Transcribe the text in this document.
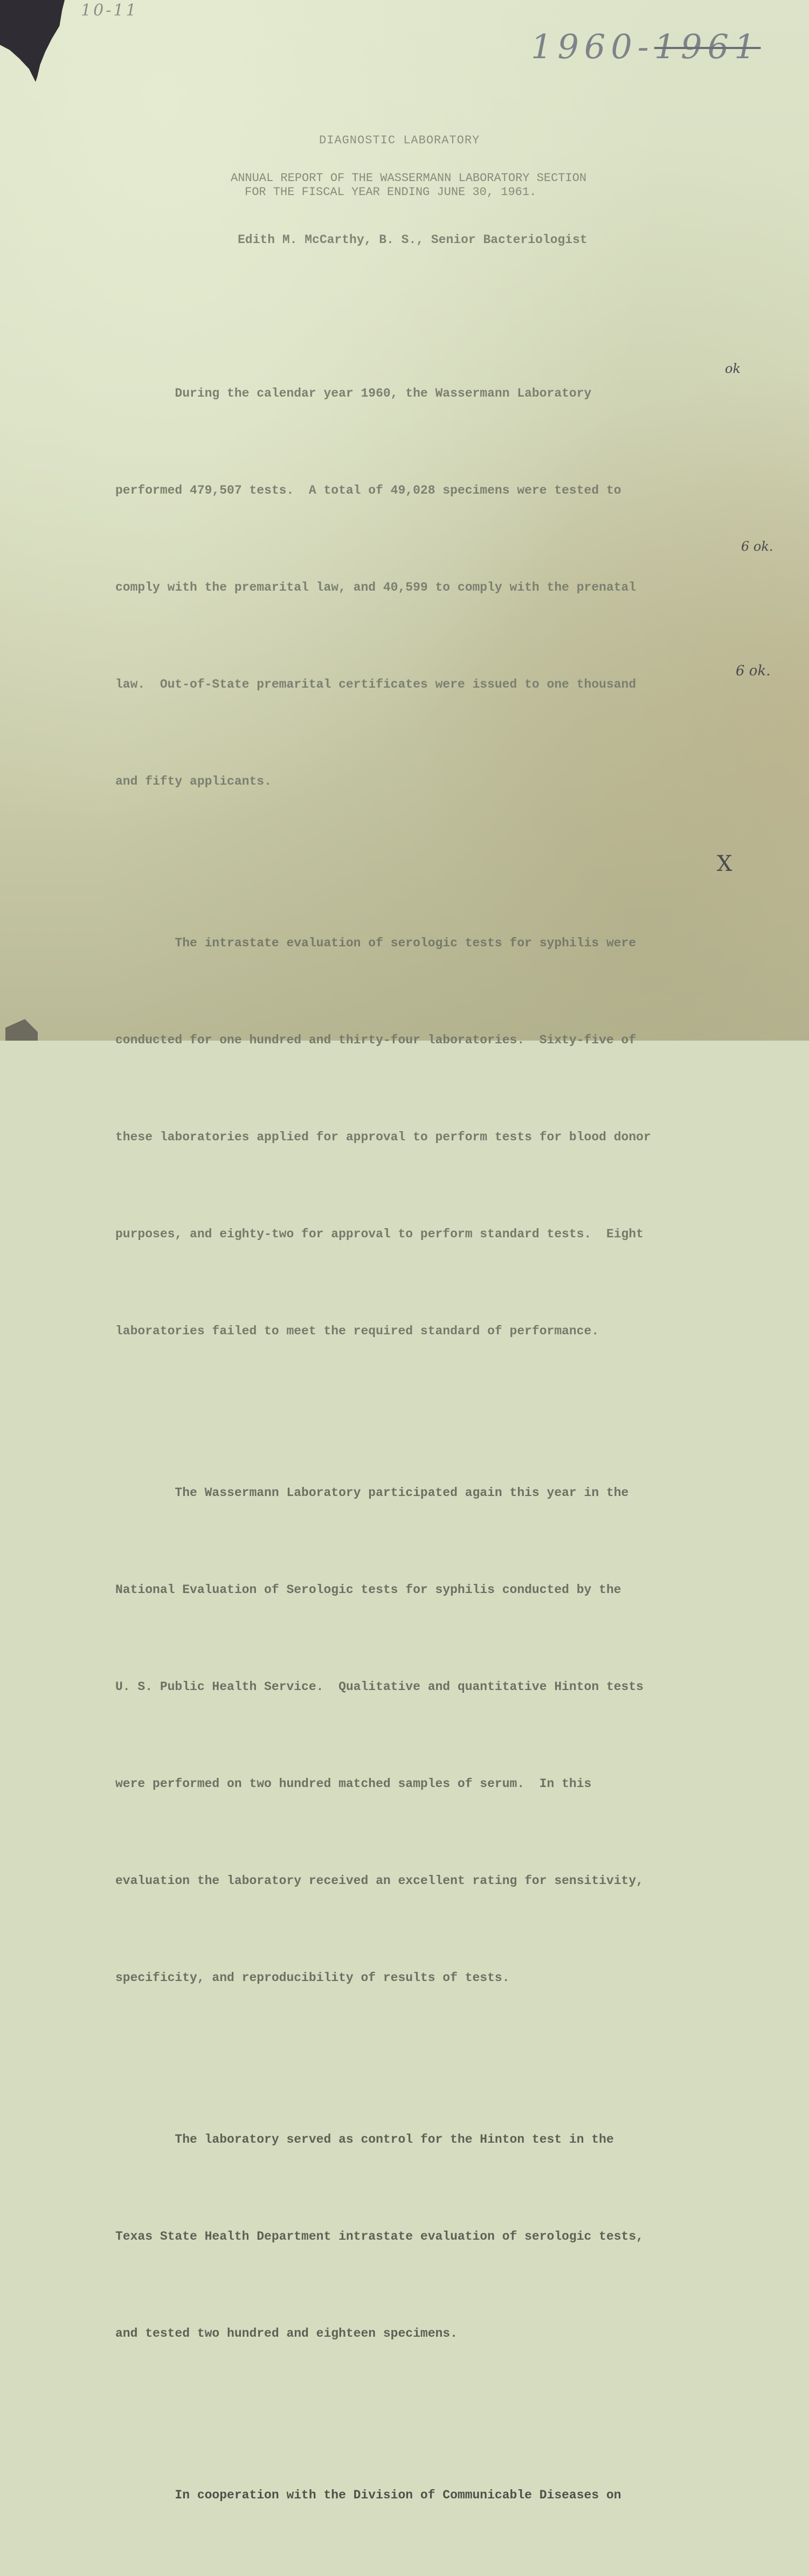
10-11
1960-1961
ok
6 ok.
6 ok.
X
DIAGNOSTIC LABORATORY
ANNUAL REPORT OF THE WASSERMANN LABORATORY SECTION
FOR THE FISCAL YEAR ENDING JUNE 30, 1961.
Edith M. McCarthy, B. S., Senior Bacteriologist

During the calendar year 1960, the Wassermann Laboratory

performed 479,507 tests.  A total of 49,028 specimens were tested to

comply with the premarital law, and 40,599 to comply with the prenatal

law.  Out-of-State premarital certificates were issued to one thousand

and fifty applicants.

The intrastate evaluation of serologic tests for syphilis were

conducted for one hundred and thirty-four laboratories.  Sixty-five of

these laboratories applied for approval to perform tests for blood donor

purposes, and eighty-two for approval to perform standard tests.  Eight

laboratories failed to meet the required standard of performance.

The Wassermann Laboratory participated again this year in the

National Evaluation of Serologic tests for syphilis conducted by the

U. S. Public Health Service.  Qualitative and quantitative Hinton tests

were performed on two hundred matched samples of serum.  In this

evaluation the laboratory received an excellent rating for sensitivity,

specificity, and reproducibility of results of tests.

The laboratory served as control for the Hinton test in the

Texas State Health Department intrastate evaluation of serologic tests,

and tested two hundred and eighteen specimens.

In cooperation with the Division of Communicable Diseases on
